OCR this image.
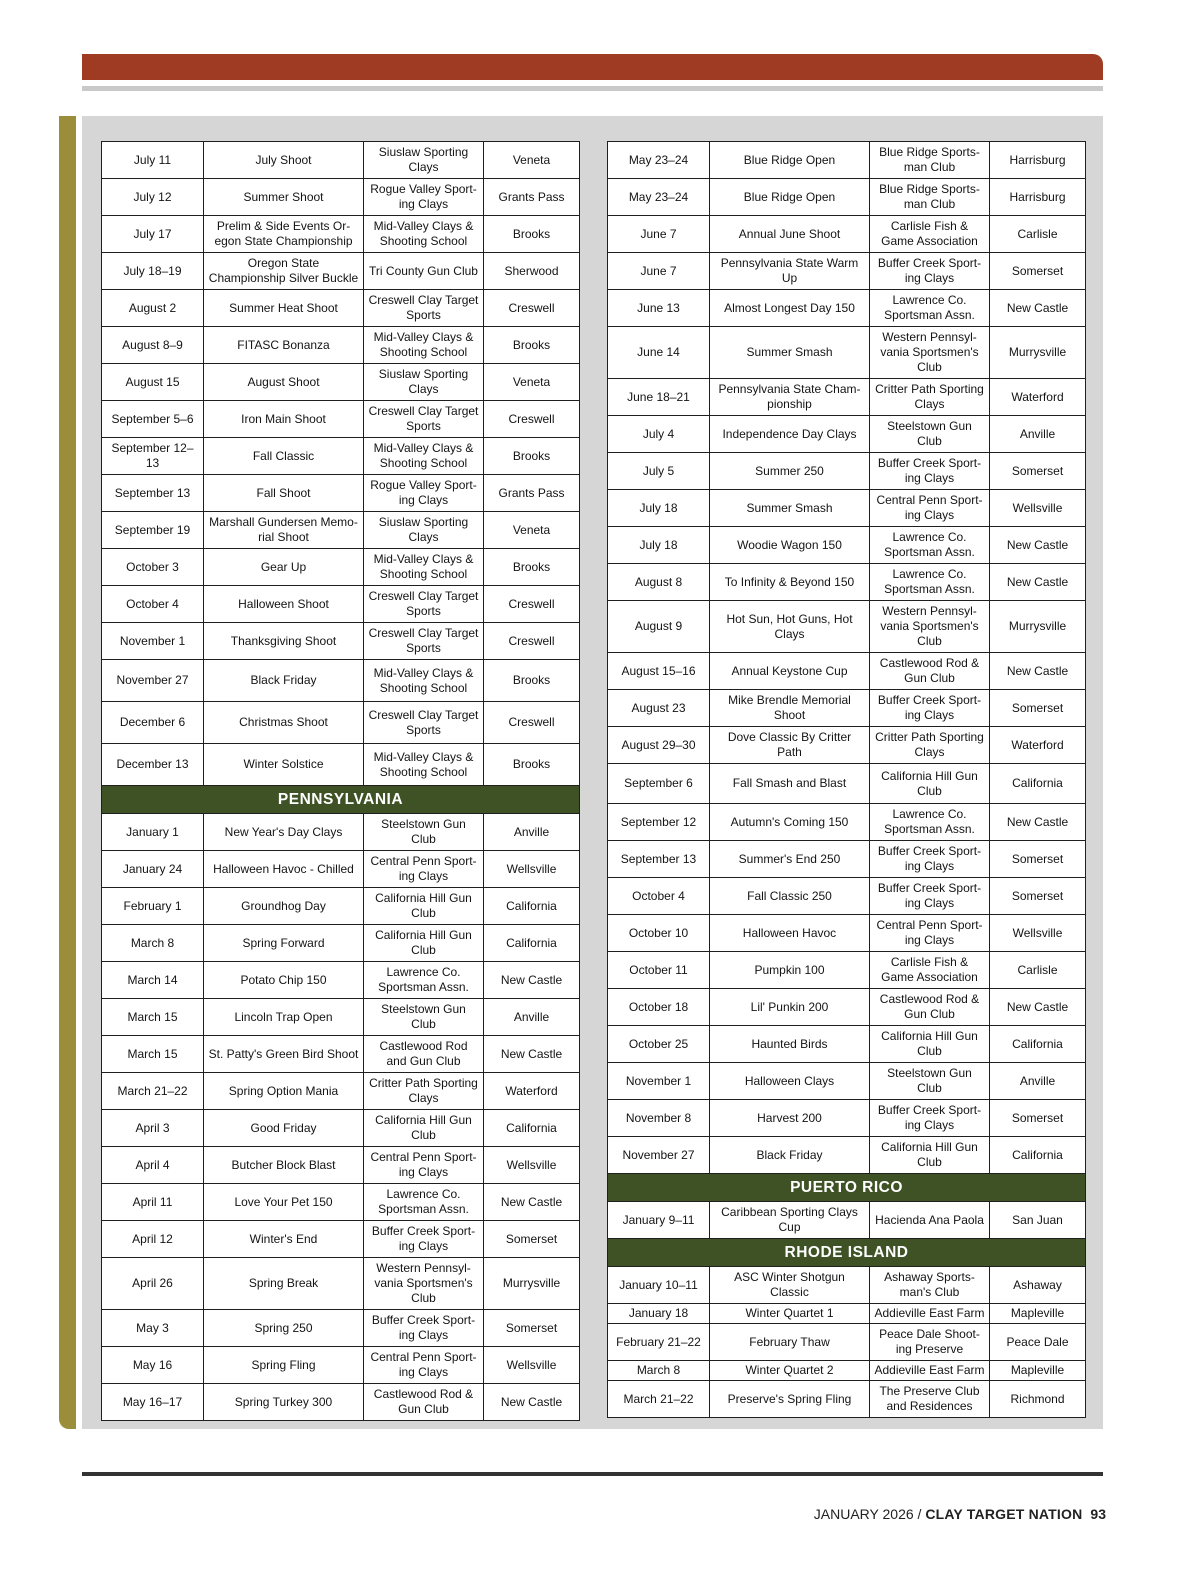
July 11	July Shoot	Siuslaw Sporting Clays	Veneta
July 12	Summer Shoot	Rogue Valley Sport-ing Clays	Grants Pass
July 17	Prelim & Side Events Or-egon State Championship	Mid-Valley Clays & Shooting School	Brooks
July 18–19	Oregon State Championship Silver Buckle	Tri County Gun Club	Sherwood
August 2	Summer Heat Shoot	Creswell Clay Target Sports	Creswell
August 8–9	FITASC Bonanza	Mid-Valley Clays & Shooting School	Brooks
August 15	August Shoot	Siuslaw Sporting Clays	Veneta
September 5–6	Iron Main Shoot	Creswell Clay Target Sports	Creswell
September 12–13	Fall Classic	Mid-Valley Clays & Shooting School	Brooks
September 13	Fall Shoot	Rogue Valley Sport-ing Clays	Grants Pass
September 19	Marshall Gundersen Memo-rial Shoot	Siuslaw Sporting Clays	Veneta
October 3	Gear Up	Mid-Valley Clays & Shooting School	Brooks
October 4	Halloween Shoot	Creswell Clay Target Sports	Creswell
November 1	Thanksgiving Shoot	Creswell Clay Target Sports	Creswell
November 27	Black Friday	Mid-Valley Clays & Shooting School	Brooks
December 6	Christmas Shoot	Creswell Clay Target Sports	Creswell
December 13	Winter Solstice	Mid-Valley Clays & Shooting School	Brooks
PENNSYLVANIA			
January 1	New Year's Day Clays	Steelstown Gun Club	Anville
January 24	Halloween Havoc - Chilled	Central Penn Sport-ing Clays	Wellsville
February 1	Groundhog Day	California Hill Gun Club	California
March 8	Spring Forward	California Hill Gun Club	California
March 14	Potato Chip 150	Lawrence Co. Sportsman Assn.	New Castle
March 15	Lincoln Trap Open	Steelstown Gun Club	Anville
March 15	St. Patty's Green Bird Shoot	Castlewood Rod and Gun Club	New Castle
March 21–22	Spring Option Mania	Critter Path Sporting Clays	Waterford
April 3	Good Friday	California Hill Gun Club	California
April 4	Butcher Block Blast	Central Penn Sport-ing Clays	Wellsville
April 11	Love Your Pet 150	Lawrence Co. Sportsman Assn.	New Castle
April 12	Winter's End	Buffer Creek Sport-ing Clays	Somerset
April 26	Spring Break	Western Pennsyl-vania Sportsmen's Club	Murrysville
May 3	Spring 250	Buffer Creek Sport-ing Clays	Somerset
May 16	Spring Fling	Central Penn Sport-ing Clays	Wellsville
May 16–17	Spring Turkey 300	Castlewood Rod & Gun Club	New Castle
May 23–24	Blue Ridge Open	Blue Ridge Sports-man Club	Harrisburg
May 23–24	Blue Ridge Open	Blue Ridge Sports-man Club	Harrisburg
June 7	Annual June Shoot	Carlisle Fish & Game Association	Carlisle
June 7	Pennsylvania State Warm Up	Buffer Creek Sport-ing Clays	Somerset
June 13	Almost Longest Day 150	Lawrence Co. Sportsman Assn.	New Castle
June 14	Summer Smash	Western Pennsyl-vania Sportsmen's Club	Murrysville
June 18–21	Pennsylvania State Cham-pionship	Critter Path Sporting Clays	Waterford
July 4	Independence Day Clays	Steelstown Gun Club	Anville
July 5	Summer 250	Buffer Creek Sport-ing Clays	Somerset
July 18	Summer Smash	Central Penn Sport-ing Clays	Wellsville
July 18	Woodie Wagon 150	Lawrence Co. Sportsman Assn.	New Castle
August 8	To Infinity & Beyond 150	Lawrence Co. Sportsman Assn.	New Castle
August 9	Hot Sun, Hot Guns, Hot Clays	Western Pennsyl-vania Sportsmen's Club	Murrysville
August 15–16	Annual Keystone Cup	Castlewood Rod & Gun Club	New Castle
August 23	Mike Brendle Memorial Shoot	Buffer Creek Sport-ing Clays	Somerset
August 29–30	Dove Classic By Critter Path	Critter Path Sporting Clays	Waterford
September 6	Fall Smash and Blast	California Hill Gun Club	California
September 12	Autumn's Coming 150	Lawrence Co. Sportsman Assn.	New Castle
September 13	Summer's End 250	Buffer Creek Sport-ing Clays	Somerset
October 4	Fall Classic 250	Buffer Creek Sport-ing Clays	Somerset
October 10	Halloween Havoc	Central Penn Sport-ing Clays	Wellsville
October 11	Pumpkin 100	Carlisle Fish & Game Association	Carlisle
October 18	Lil' Punkin 200	Castlewood Rod & Gun Club	New Castle
October 25	Haunted Birds	California Hill Gun Club	California
November 1	Halloween Clays	Steelstown Gun Club	Anville
November 8	Harvest 200	Buffer Creek Sport-ing Clays	Somerset
November 27	Black Friday	California Hill Gun Club	California
PUERTO RICO			
January 9–11	Caribbean Sporting Clays Cup	Hacienda Ana Paola	San Juan
RHODE ISLAND			
January 10–11	ASC Winter Shotgun Classic	Ashaway Sports-man's Club	Ashaway
January 18	Winter Quartet 1	Addieville East Farm	Mapleville
February 21–22	February Thaw	Peace Dale Shoot-ing Preserve	Peace Dale
March 8	Winter Quartet 2	Addieville East Farm	Mapleville
March 21–22	Preserve's Spring Fling	The Preserve Club and Residences	Richmond
JANUARY 2026 / CLAY TARGET NATION 93
